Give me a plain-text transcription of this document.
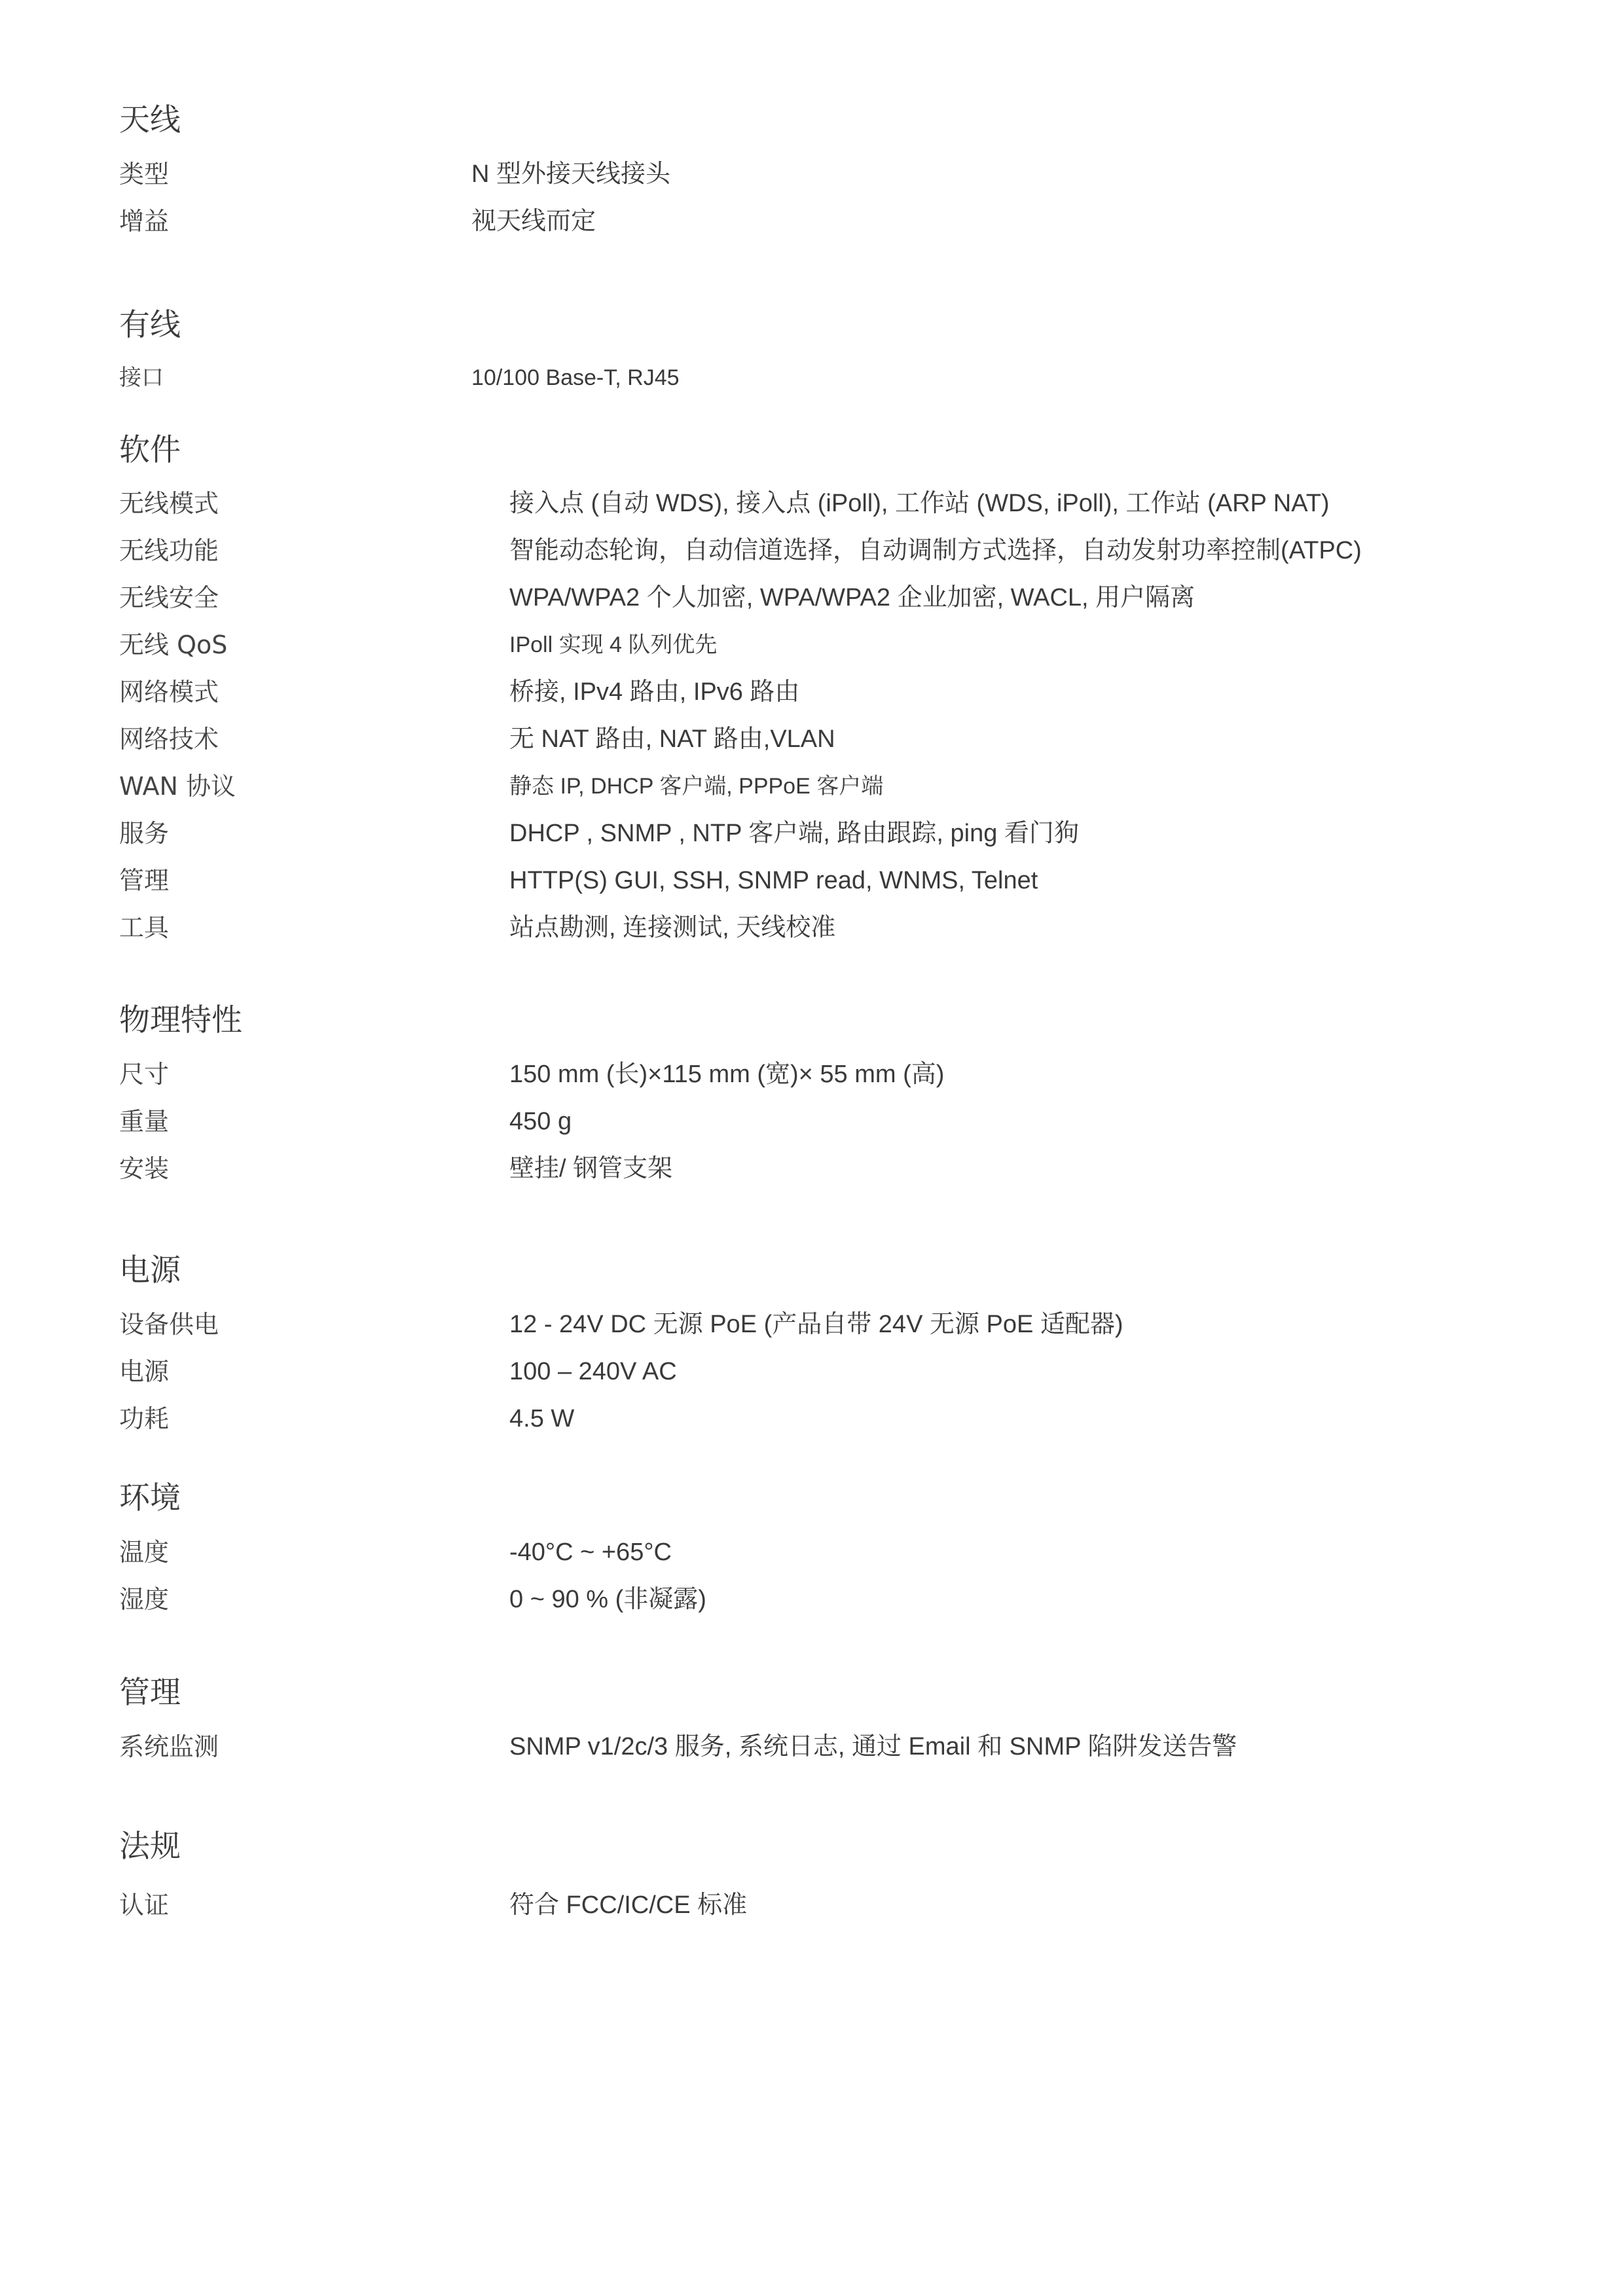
天线
类型	N 型外接天线接头
增益	视天线而定
有线
接口	10/100 Base-T, RJ45
软件
无线模式	接入点 (自动 WDS), 接入点 (iPoll), 工作站 (WDS, iPoll), 工作站 (ARP NAT)
无线功能	智能动态轮询，自动信道选择，自动调制方式选择，自动发射功率控制(ATPC)
无线安全	WPA/WPA2 个人加密, WPA/WPA2 企业加密, WACL, 用户隔离
无线 QoS	IPoll 实现 4 队列优先
网络模式	桥接, IPv4 路由, IPv6 路由
网络技术	无 NAT 路由, NAT 路由,VLAN
WAN 协议	静态 IP, DHCP 客户端, PPPoE 客户端
服务	DHCP , SNMP , NTP 客户端, 路由跟踪, ping 看门狗
管理	HTTP(S) GUI, SSH, SNMP read, WNMS, Telnet
工具	站点勘测, 连接测试, 天线校准
物理特性
尺寸	150 mm (长)×115 mm (宽)× 55 mm (高)
重量	450 g
安装	壁挂/ 钢管支架
电源
设备供电	12 - 24V DC 无源 PoE (产品自带 24V 无源 PoE 适配器)
电源	100 – 240V AC
功耗	4.5 W
环境
温度	-40°C ~ +65°C
湿度	0 ~ 90 % (非凝露)
管理
系统监测	SNMP v1/2c/3 服务, 系统日志, 通过 Email 和 SNMP 陷阱发送告警
法规
认证	符合 FCC/IC/CE 标准
